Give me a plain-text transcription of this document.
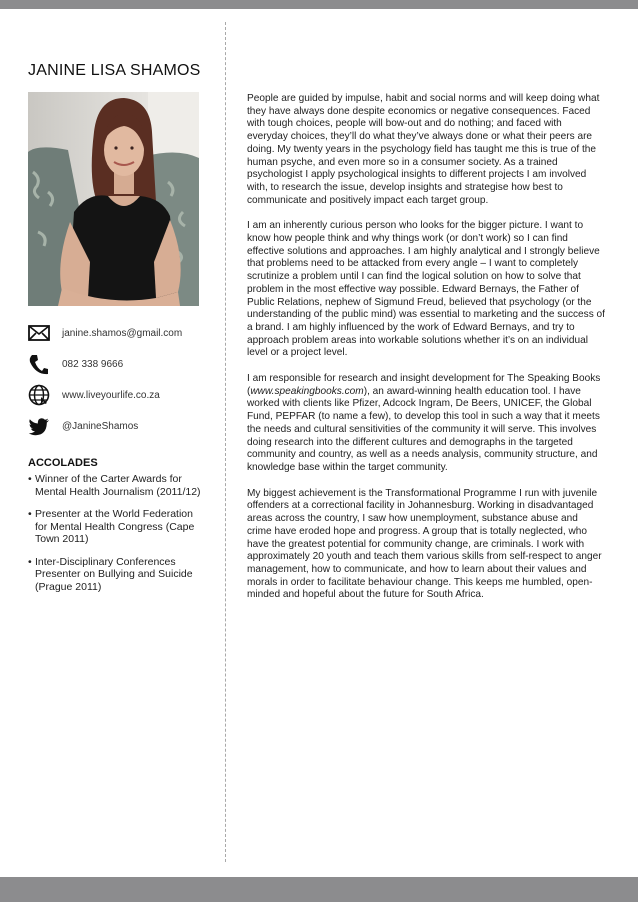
JANINE LISA SHAMOS
janine.shamos@gmail.com
082 338 9666
www.liveyourlife.co.za
@JanineShamos
ACCOLADES
• Winner of the Carter Awards for Mental Health Journalism (2011/12)
• Presenter at the World Federation for Mental Health Congress (Cape Town 2011)
• Inter-Disciplinary Conferences Presenter on Bullying and Suicide (Prague 2011)

People are guided by impulse, habit and social norms and will keep doing what they have always done despite economics or negative consequences. Faced with tough choices, people will bow-out and do nothing; and faced with everyday choices, they’ll do what they’ve always done or what their peers are doing. My twenty years in the psychology field has taught me this is true of the human psyche, and even more so in a consumer society. As a trained psychologist I apply psychological insights to different projects I am involved with, to research the issue, develop insights and strategise how best to communicate and positively impact each target group.

I am an inherently curious person who looks for the bigger picture. I want to know how people think and why things work (or don’t work) so I can find effective solutions and approaches. I am highly analytical and I strongly believe that problems need to be attacked from every angle – I want to completely scrutinize a problem until I can find the logical solution on how to solve that problem in the most effective way possible. Edward Bernays, the Father of Public Relations, nephew of Sigmund Freud, believed that psychology (or the understanding of the public mind) was essential to marketing and the success of a brand. I am highly influenced by the work of Edward Bernays, and try to approach problem areas into workable solutions whether it’s on an individual level or a project level.

I am responsible for research and insight development for The Speaking Books (www.speakingbooks.com), an award-winning health education tool. I have worked with clients like Pfizer, Adcock Ingram, De Beers, UNICEF, the Global Fund, PEPFAR (to name a few), to develop this tool in such a way that it meets the needs and cultural sensitivities of the community it will serve. This involves doing research into the different cultures and demographs in the targeted community and country, as well as a needs analysis, community structure, and knowledge base within the target community.

My biggest achievement is the Transformational Programme I run with juvenile offenders at a correctional facility in Johannesburg. Working in disadvantaged areas across the country, I saw how unemployment, substance abuse and crime have eroded hope and progress. A group that is totally neglected, who have the greatest potential for community change, are criminals. I work with approximately 20 youth and teach them various skills from self-respect to anger management, how to communicate, and how to learn about their values and morals in order to facilitate behaviour change. This keeps me humbled, open-minded and hopeful about the future for South Africa.
